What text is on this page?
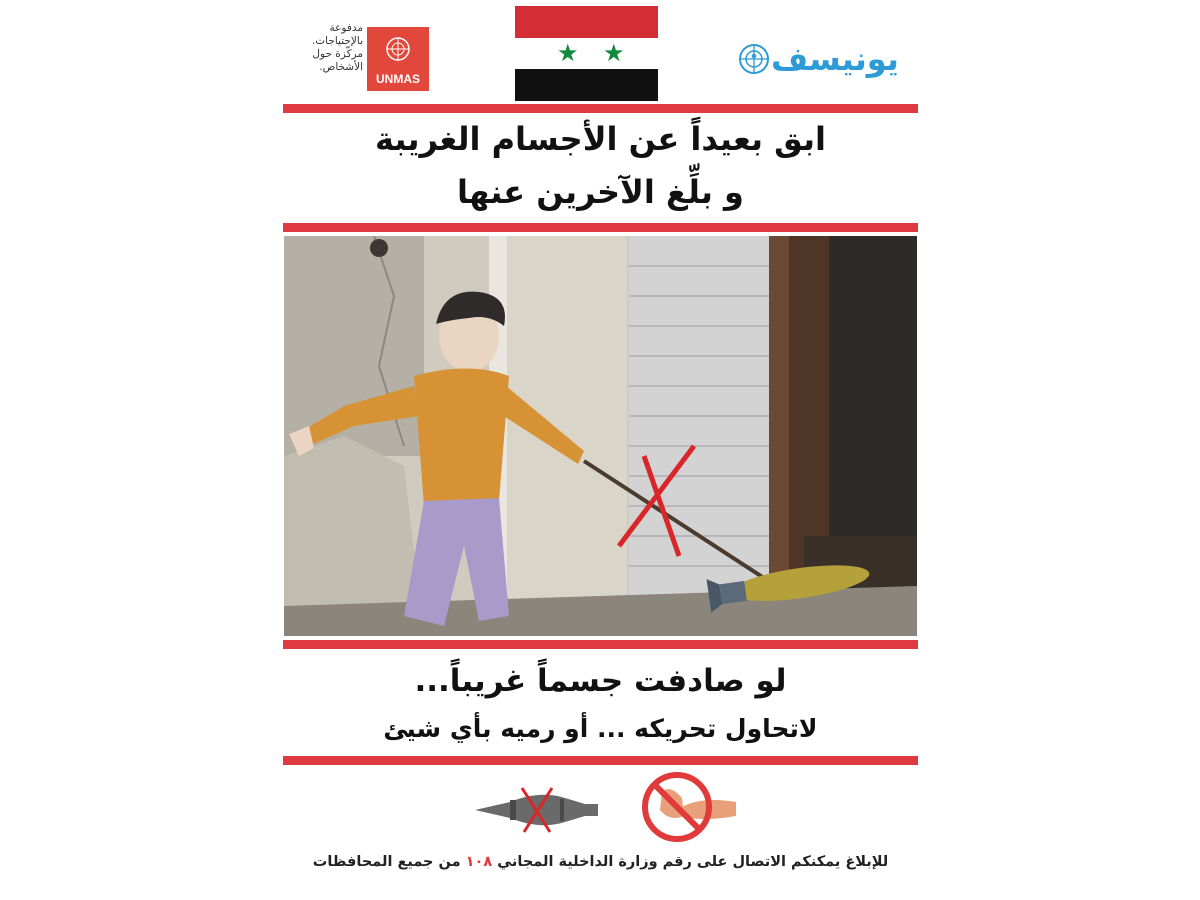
مدفوعة
بالإحتياجات.
مركّزة حول
الأشخاص.
UNMAS
★ ★	يونيسف
ابق بعيداً عن الأجسام الغريبة
و بلِّغ الآخرين عنها
لو صادفت جسماً غريباً...
لاتحاول تحريكه ... أو رميه بأي شيئ
للإبلاغ يمكنكم الاتصال على رقم وزارة الداخلية المجاني ١٠٨ من جميع المحافظات
